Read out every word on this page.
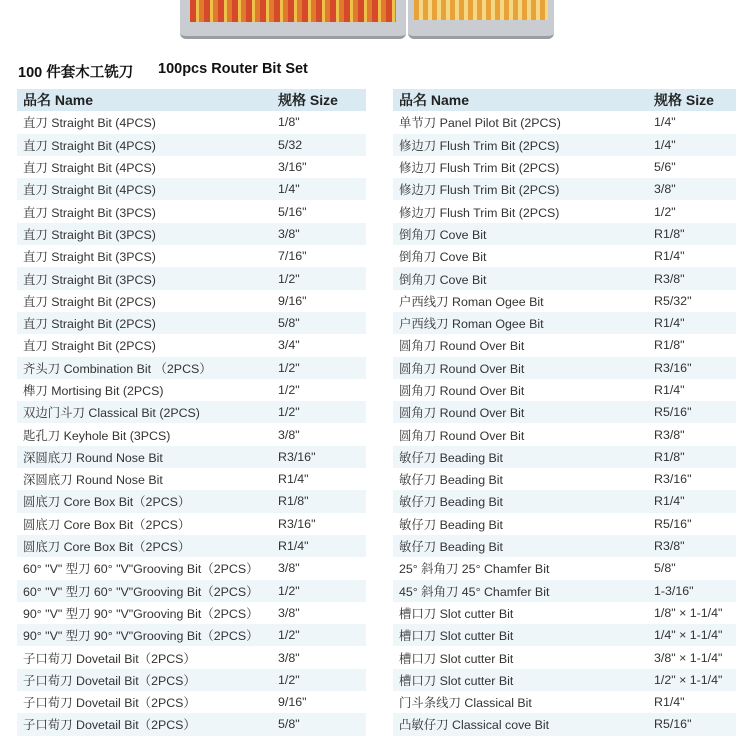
100 件套木工铣刀 100pcs Router Bit Set
品名 Name	规格 Size
直刀 Straight Bit (4PCS)	1/8"
直刀 Straight Bit (4PCS)	5/32
直刀 Straight Bit (4PCS)	3/16"
直刀 Straight Bit (4PCS)	1/4"
直刀 Straight Bit (3PCS)	5/16"
直刀 Straight Bit (3PCS)	3/8"
直刀 Straight Bit (3PCS)	7/16"
直刀 Straight Bit (3PCS)	1/2"
直刀 Straight Bit (2PCS)	9/16"
直刀 Straight Bit (2PCS)	5/8"
直刀 Straight Bit (2PCS)	3/4"
齐头刀 Combination Bit （2PCS）	1/2"
榫刀 Mortising Bit (2PCS)	1/2"
双边门斗刀 Classical Bit (2PCS)	1/2"
匙孔刀 Keyhole Bit (3PCS)	3/8"
深圆底刀 Round Nose Bit	R3/16"
深圆底刀 Round Nose Bit	R1/4"
圆底刀 Core Box Bit（2PCS）	R1/8"
圆底刀 Core Box Bit（2PCS）	R3/16"
圆底刀 Core Box Bit（2PCS）	R1/4"
60° "V" 型刀 60° "V"Grooving Bit（2PCS）	3/8"
60° "V" 型刀 60° "V"Grooving Bit（2PCS）	1/2"
90° "V" 型刀 90° "V"Grooving Bit（2PCS）	3/8"
90° "V" 型刀 90° "V"Grooving Bit（2PCS）	1/2"
子口荀刀 Dovetail Bit（2PCS）	3/8"
子口荀刀 Dovetail Bit（2PCS）	1/2"
子口荀刀 Dovetail Bit（2PCS）	9/16"
子口荀刀 Dovetail Bit（2PCS）	5/8"
品名 Name	规格 Size
单节刀 Panel Pilot Bit (2PCS)	1/4"
修边刀 Flush Trim Bit (2PCS)	1/4"
修边刀 Flush Trim Bit (2PCS)	5/6"
修边刀 Flush Trim Bit (2PCS)	3/8"
修边刀 Flush Trim Bit (2PCS)	1/2"
倒角刀 Cove Bit	R1/8"
倒角刀 Cove Bit	R1/4"
倒角刀 Cove Bit	R3/8"
户西线刀 Roman Ogee Bit	R5/32"
户西线刀 Roman Ogee Bit	R1/4"
圆角刀 Round Over Bit	R1/8"
圆角刀 Round Over Bit	R3/16"
圆角刀 Round Over Bit	R1/4"
圆角刀 Round Over Bit	R5/16"
圆角刀 Round Over Bit	R3/8"
敏仔刀 Beading Bit	R1/8"
敏仔刀 Beading Bit	R3/16"
敏仔刀 Beading Bit	R1/4"
敏仔刀 Beading Bit	R5/16"
敏仔刀 Beading Bit	R3/8"
25° 斜角刀 25° Chamfer Bit	5/8"
45° 斜角刀 45° Chamfer Bit	1-3/16"
槽口刀 Slot cutter Bit	1/8" × 1-1/4"
槽口刀 Slot cutter Bit	1/4" × 1-1/4"
槽口刀 Slot cutter Bit	3/8" × 1-1/4"
槽口刀 Slot cutter Bit	1/2" × 1-1/4"
门斗条线刀 Classical Bit	R1/4"
凸敏仔刀 Classical cove Bit	R5/16"
